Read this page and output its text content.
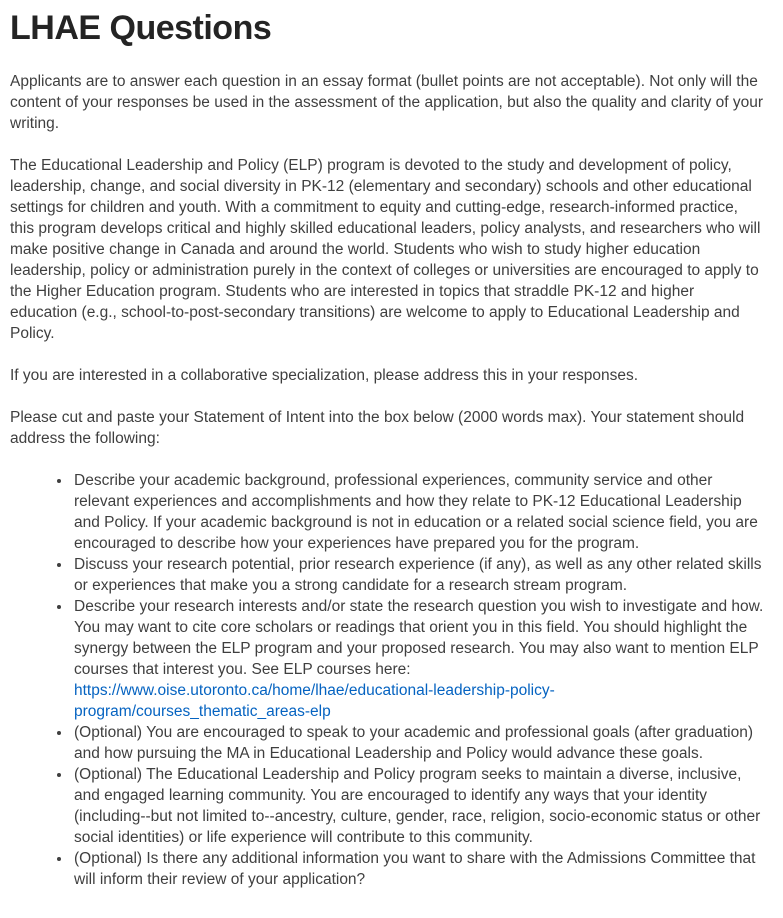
LHAE Questions

Applicants are to answer each question in an essay format (bullet points are not acceptable). Not only will the content of your responses be used in the assessment of the application, but also the quality and clarity of your writing.

The Educational Leadership and Policy (ELP) program is devoted to the study and development of policy, leadership, change, and social diversity in PK-12 (elementary and secondary) schools and other educational settings for children and youth. With a commitment to equity and cutting-edge, research-informed practice, this program develops critical and highly skilled educational leaders, policy analysts, and researchers who will make positive change in Canada and around the world. Students who wish to study higher education leadership, policy or administration purely in the context of colleges or universities are encouraged to apply to the Higher Education program. Students who are interested in topics that straddle PK-12 and higher education (e.g., school-to-post-secondary transitions) are welcome to apply to Educational Leadership and Policy.

If you are interested in a collaborative specialization, please address this in your responses.

Please cut and paste your Statement of Intent into the box below (2000 words max). Your statement should address the following:

• Describe your academic background, professional experiences, community service and other relevant experiences and accomplishments and how they relate to PK-12 Educational Leadership and Policy. If your academic background is not in education or a related social science field, you are encouraged to describe how your experiences have prepared you for the program.
• Discuss your research potential, prior research experience (if any), as well as any other related skills or experiences that make you a strong candidate for a research stream program.
• Describe your research interests and/or state the research question you wish to investigate and how. You may want to cite core scholars or readings that orient you in this field. You should highlight the synergy between the ELP program and your proposed research. You may also want to mention ELP courses that interest you. See ELP courses here: https://www.oise.utoronto.ca/home/lhae/educational-leadership-policy-program/courses_thematic_areas-elp
• (Optional) You are encouraged to speak to your academic and professional goals (after graduation) and how pursuing the MA in Educational Leadership and Policy would advance these goals.
• (Optional) The Educational Leadership and Policy program seeks to maintain a diverse, inclusive, and engaged learning community. You are encouraged to identify any ways that your identity (including--but not limited to--ancestry, culture, gender, race, religion, socio-economic status or other social identities) or life experience will contribute to this community.
• (Optional) Is there any additional information you want to share with the Admissions Committee that will inform their review of your application?
